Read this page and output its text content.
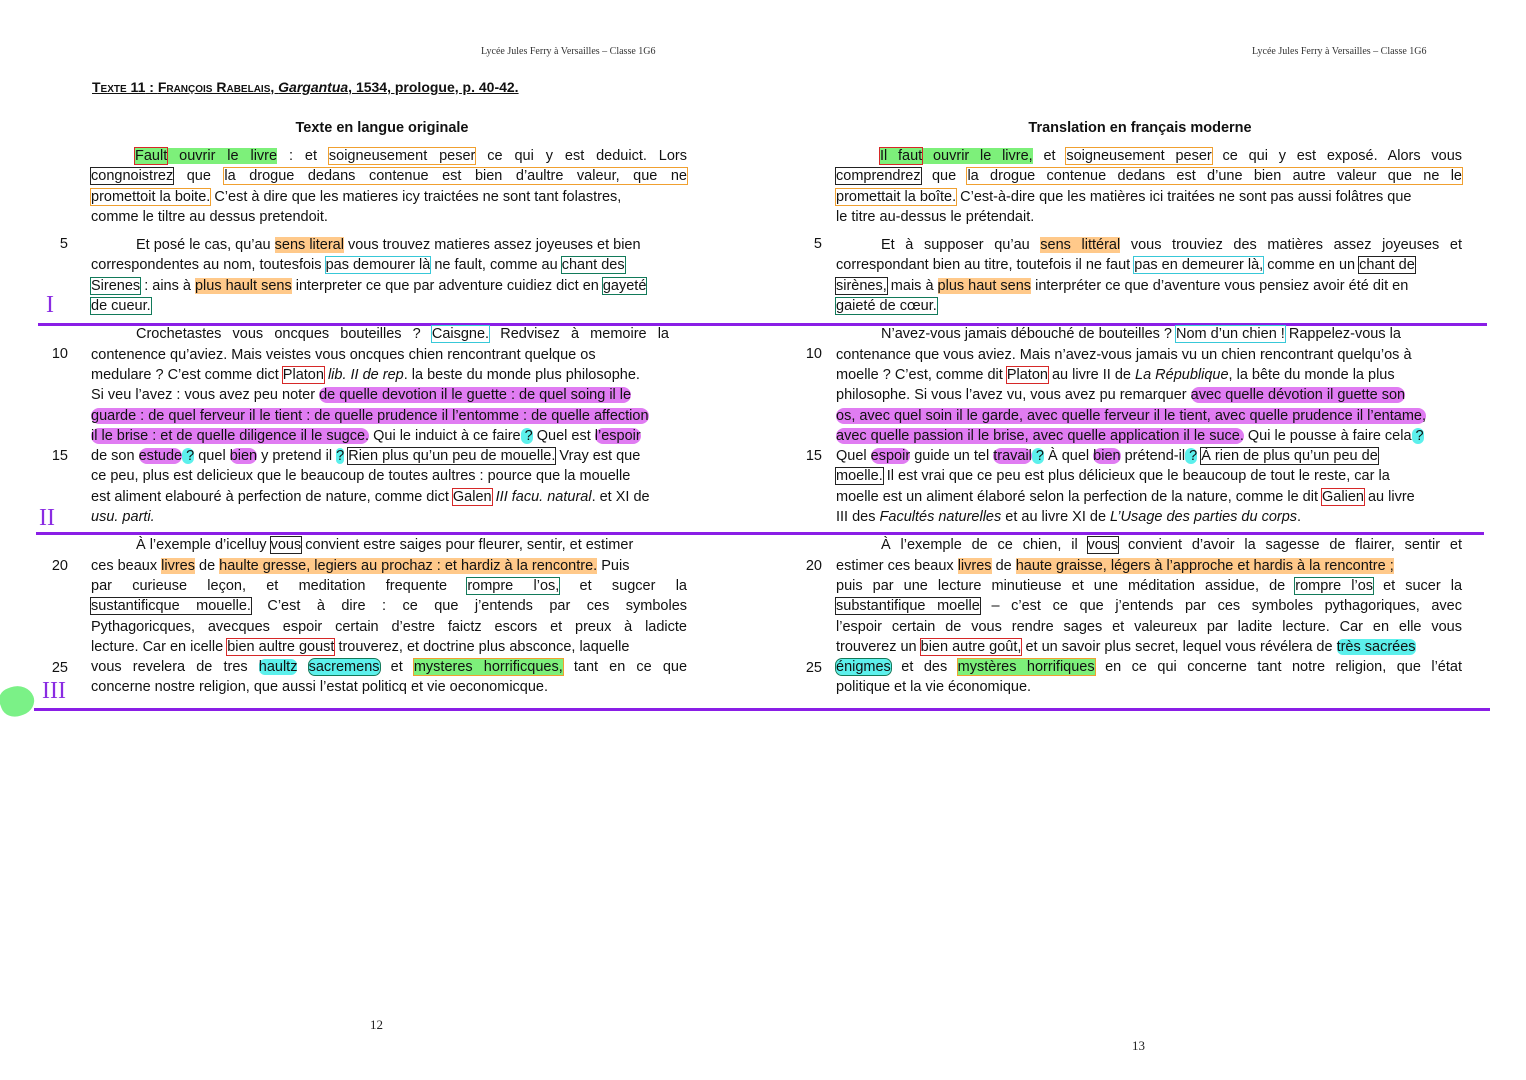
Lycée Jules Ferry à Versailles – Classe 1G6	Lycée Jules Ferry à Versailles – Classe 1G6
Texte 11 : François Rabelais, Gargantua, 1534, prologue, p. 40-42.
Texte en langue originale	Translation en français moderne
5
10
15
20
25
5
10
15
20
25
I
II
III
Fault ouvrir le livre : et soigneusement peser ce qui y est deduict. Lors
congnoistrez que la drogue dedans contenue est bien d’aultre valeur, que ne
promettoit la boite. C’est à dire que les matieres icy traictées ne sont tant folastres,
comme le tiltre au dessus pretendoit.
Et posé le cas, qu’au sens literal vous trouvez matieres assez joyeuses et bien
correspondentes au nom, toutesfois pas demourer là ne fault, comme au chant des
Sirenes : ains à plus hault sens interpreter ce que par adventure cuidiez dict en gayeté
de cueur.
Crochetastes vous oncques bouteilles ? Caisgne. Redvisez à memoire la
contenence qu’aviez. Mais veistes vous oncques chien rencontrant quelque os
medulare ? C’est comme dict Platon lib. II de rep. la beste du monde plus philosophe.
Si veu l’avez : vous avez peu noter de quelle devotion il le guette : de quel soing il le
guarde : de quel ferveur il le tient : de quelle prudence il l’entomme : de quelle affection
il le brise : et de quelle diligence il le sugce. Qui le induict à ce faire ? Quel est l’espoir
de son estude ? quel bien y pretend il ? Rien plus qu’un peu de mouelle. Vray est que
ce peu, plus est delicieux que le beaucoup de toutes aultres : pource que la mouelle
est aliment elabouré à perfection de nature, comme dict Galen III facu. natural. et XI de
usu. parti.
À l’exemple d’icelluy vous convient estre saiges pour fleurer, sentir, et estimer
ces beaux livres de haulte gresse, legiers au prochaz : et hardiz à la rencontre. Puis
par curieuse leçon, et meditation frequente rompre l’os, et sugcer la
sustantificque mouelle. C’est à dire : ce que j’entends par ces symboles
Pythagoricques, avecques espoir certain d’estre faictz escors et preux à ladicte
lecture. Car en icelle bien aultre goust trouverez, et doctrine plus absconce, laquelle
vous revelera de tres haultz sacremens et mysteres horrificques, tant en ce que
concerne nostre religion, que aussi l’estat politicq et vie oeconomicque.
Il faut ouvrir le livre, et soigneusement peser ce qui y est exposé. Alors vous
comprendrez que la drogue contenue dedans est d’une bien autre valeur que ne le
promettait la boîte. C’est-à-dire que les matières ici traitées ne sont pas aussi folâtres que
le titre au-dessus le prétendait.
Et à supposer qu’au sens littéral vous trouviez des matières assez joyeuses et
correspondant bien au titre, toutefois il ne faut pas en demeurer là, comme en un chant de
sirènes, mais à plus haut sens interpréter ce que d’aventure vous pensiez avoir été dit en
gaieté de cœur.
N’avez-vous jamais débouché de bouteilles ? Nom d’un chien ! Rappelez-vous la
contenance que vous aviez. Mais n’avez-vous jamais vu un chien rencontrant quelqu’os à
moelle ? C’est, comme dit Platon au livre II de La République, la bête du monde la plus
philosophe. Si vous l’avez vu, vous avez pu remarquer avec quelle dévotion il guette son
os, avec quel soin il le garde, avec quelle ferveur il le tient, avec quelle prudence il l’entame,
avec quelle passion il le brise, avec quelle application il le suce. Qui le pousse à faire cela ?
Quel espoir guide un tel travail ? À quel bien prétend-il ? À rien de plus qu’un peu de
moelle. Il est vrai que ce peu est plus délicieux que le beaucoup de tout le reste, car la
moelle est un aliment élaboré selon la perfection de la nature, comme le dit Galien au livre
III des Facultés naturelles et au livre XI de L’Usage des parties du corps.
À l’exemple de ce chien, il vous convient d’avoir la sagesse de flairer, sentir et
estimer ces beaux livres de haute graisse, légers à l’approche et hardis à la rencontre ;
puis par une lecture minutieuse et une méditation assidue, de rompre l’os et sucer la
substantifique moelle – c’est ce que j’entends par ces symboles pythagoriques, avec
l’espoir certain de vous rendre sages et valeureux par ladite lecture. Car en elle vous
trouverez un bien autre goût, et un savoir plus secret, lequel vous révélera de très sacrées
énigmes et des mystères horrifiques en ce qui concerne tant notre religion, que l’état
politique et la vie économique.
12
13
